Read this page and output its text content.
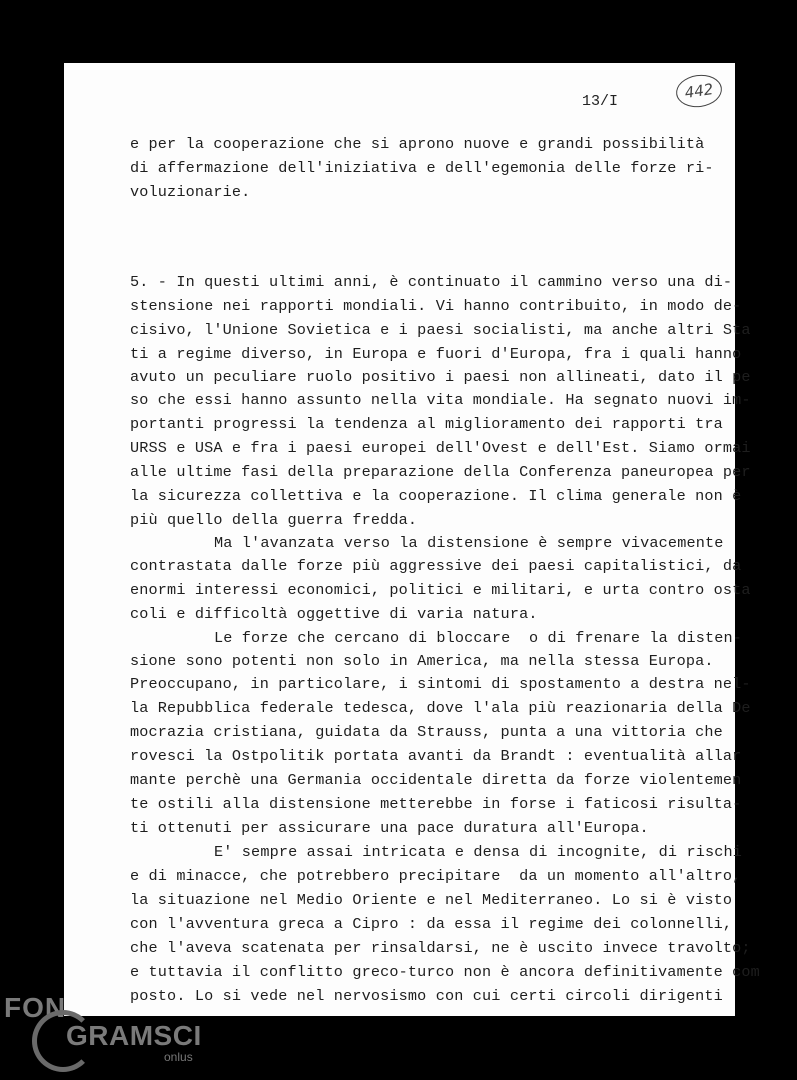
442
13/I
e per la cooperazione che si aprono nuove e grandi possibilità
di affermazione dell'iniziativa e dell'egemonia delle forze ri-
voluzionarie.
5. - In questi ultimi anni, è continuato il cammino verso una di-
stensione nei rapporti mondiali. Vi hanno contribuito, in modo de-
cisivo, l'Unione Sovietica e i paesi socialisti, ma anche altri Sta
ti a regime diverso, in Europa e fuori d'Europa, fra i quali hanno
avuto un peculiare ruolo positivo i paesi non allineati, dato il pe
so che essi hanno assunto nella vita mondiale. Ha segnato nuovi im-
portanti progressi la tendenza al miglioramento dei rapporti tra
URSS e USA e fra i paesi europei dell'Ovest e dell'Est. Siamo ormai
alle ultime fasi della preparazione della Conferenza paneuropea per
la sicurezza collettiva e la cooperazione. Il clima generale non è
più quello della guerra fredda.
Ma l'avanzata verso la distensione è sempre vivacemente
contrastata dalle forze più aggressive dei paesi capitalistici, da
enormi interessi economici, politici e militari, e urta contro osta
coli e difficoltà oggettive di varia natura.
Le forze che cercano di bloccare  o di frenare la disten-
sione sono potenti non solo in America, ma nella stessa Europa.
Preoccupano, in particolare, i sintomi di spostamento a destra nel-
la Repubblica federale tedesca, dove l'ala più reazionaria della De
mocrazia cristiana, guidata da Strauss, punta a una vittoria che
rovesci la Ostpolitik portata avanti da Brandt : eventualità allar
mante perchè una Germania occidentale diretta da forze violentemen
te ostili alla distensione metterebbe in forse i faticosi risulta-
ti ottenuti per assicurare una pace duratura all'Europa.
E' sempre assai intricata e densa di incognite, di rischi
e di minacce, che potrebbero precipitare  da un momento all'altro,
la situazione nel Medio Oriente e nel Mediterraneo. Lo si è visto
con l'avventura greca a Cipro : da essa il regime dei colonnelli,
che l'aveva scatenata per rinsaldarsi, ne è uscito invece travolto;
e tuttavia il conflitto greco-turco non è ancora definitivamente com
posto. Lo si vede nel nervosismo con cui certi circoli dirigenti
FON
GRAMSCI
onlus
